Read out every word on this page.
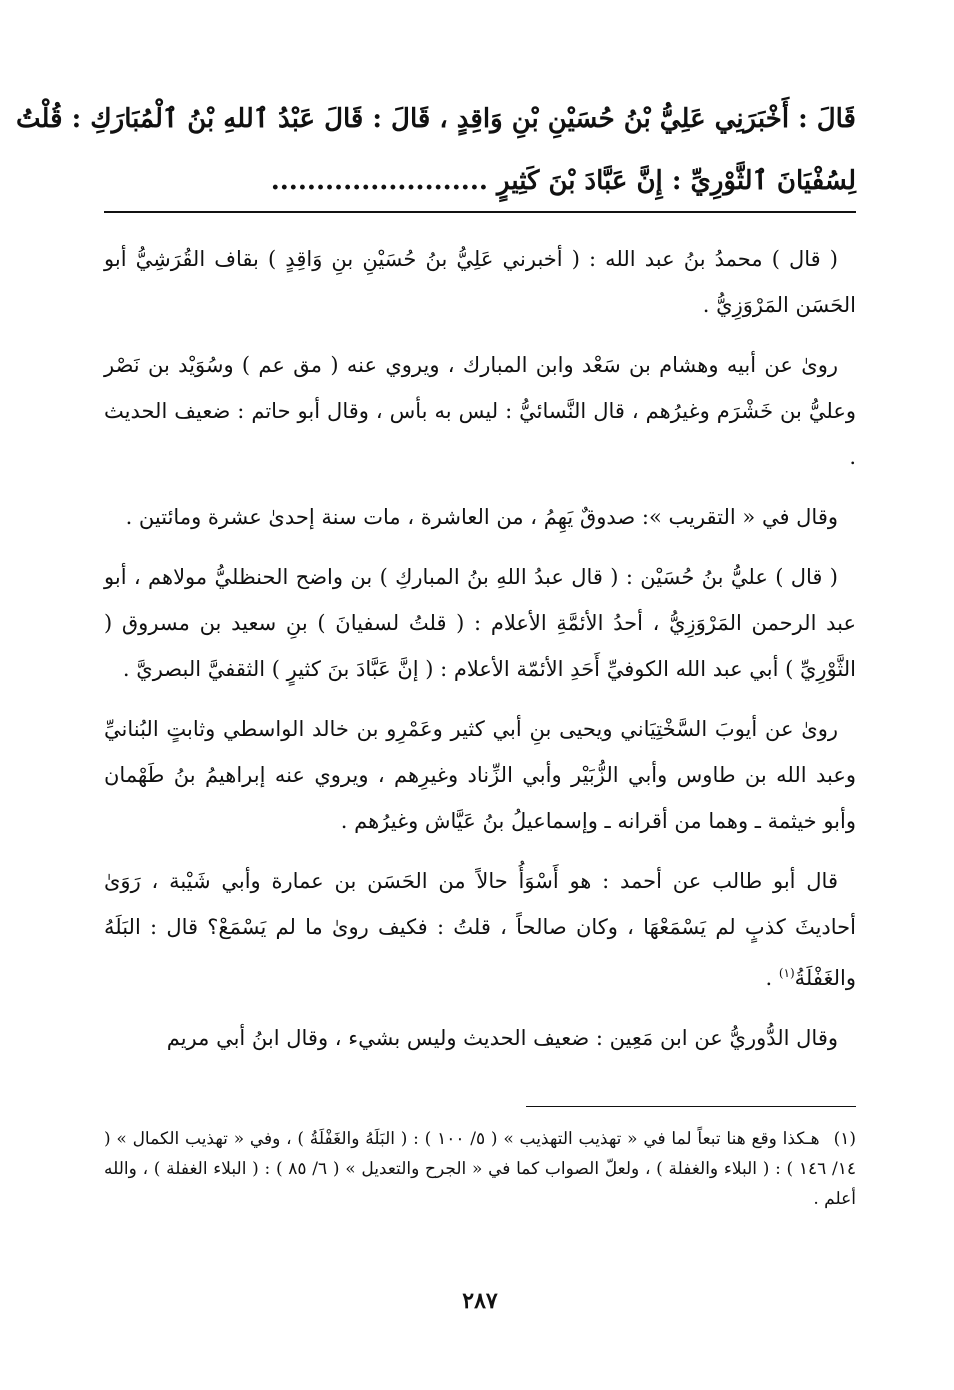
قَالَ : أَخْبَرَنِي عَلِيُّ بْنُ حُسَيْنِ بْنِ وَاقِدٍ ، قَالَ : قَالَ عَبْدُ ٱللهِ بْنُ ٱلْمُبَارَكِ : قُلْتُ
لِسُفْيَانَ ٱلثَّوْرِيِّ : إِنَّ عَبَّادَ بْنَ كَثِيرٍ ........................

( قال ) محمدُ بنُ عبد الله : ( أخبرني عَلِيُّ بنُ حُسَيْنِ بنِ وَاقِدٍ ) بقاف القُرَشِيُّ أبو الحَسَن المَرْوَزِيُّ .

روىٰ عن أبيه وهشام بن سَعْد وابن المبارك ، ويروي عنه ( مق عم ) وسُوَيْد بن نَصْر وعليُّ بن خَشْرَم وغيرُهم ، قال النَّسائيُّ : ليس به بأس ، وقال أبو حاتم : ضعيف الحديث .

وقال في « التقريب »: صدوقٌ يَهِمُ ، من العاشرة ، مات سنة إحدىٰ عشرة ومائتين .

( قال ) عليُّ بنُ حُسَيْن : ( قال عبدُ اللهِ بنُ المباركِ ) بن واضح الحنظليُّ مولاهم ، أبو عبد الرحمن المَرْوَزِيُّ ، أحدُ الأئمَّةِ الأعلام : ( قلتُ لسفيانَ ) بنِ سعيد بن مسروق ( الثَّوْرِيِّ ) أبي عبد الله الكوفيِّ أَحَدِ الأئمّة الأعلام : ( إنَّ عَبَّادَ بنَ كثيرٍ ) الثقفيَّ البصريَّ .

روىٰ عن أيوبَ السَّخْتِيَاني ويحيى بنِ أبي كثير وعَمْرِو بن خالد الواسطي وثابتٍ البُنانيِّ وعبد الله بن طاوس وأبي الزُّبَيْر وأبي الزِّناد وغيرِهم ، ويروي عنه إبراهيمُ بنُ طَهْمان وأبو خيثمة ـ وهما من أقرانه ـ وإسماعيلُ بنُ عَيَّاش وغيرُهم .

قال أبو طالب عن أحمد : هو أَسْوَأُ حالاً من الحَسَن بن عمارة وأبي شَيْبة ، رَوَىٰ أحاديثَ كذبٍ لم يَسْمَعْهَا ، وكان صالحاً ، قلتُ : فكيف روىٰ ما لم يَسْمَعْ؟ قال : البَلَهُ والغَفْلَةُ$^{(١)}$ .

وقال الدُّوريُّ عن ابن مَعِين : ضعيف الحديث وليس بشيء ، وقال ابنُ أبي مريم

(١)هـكذا وقع هنا تبعاً لما في « تهذيب التهذيب » ( ٥/ ١٠٠ ) : ( البَلَهُ والغَفْلَةُ ) ، وفي « تهذيب الكمال » ( ١٤/ ١٤٦ ) : ( البلاء والغفلة ) ، ولعلّ الصواب كما في « الجرح والتعديل » ( ٦/ ٨٥ ) : ( البلاء الغفلة ) ، والله أعلم .

٢٨٧
